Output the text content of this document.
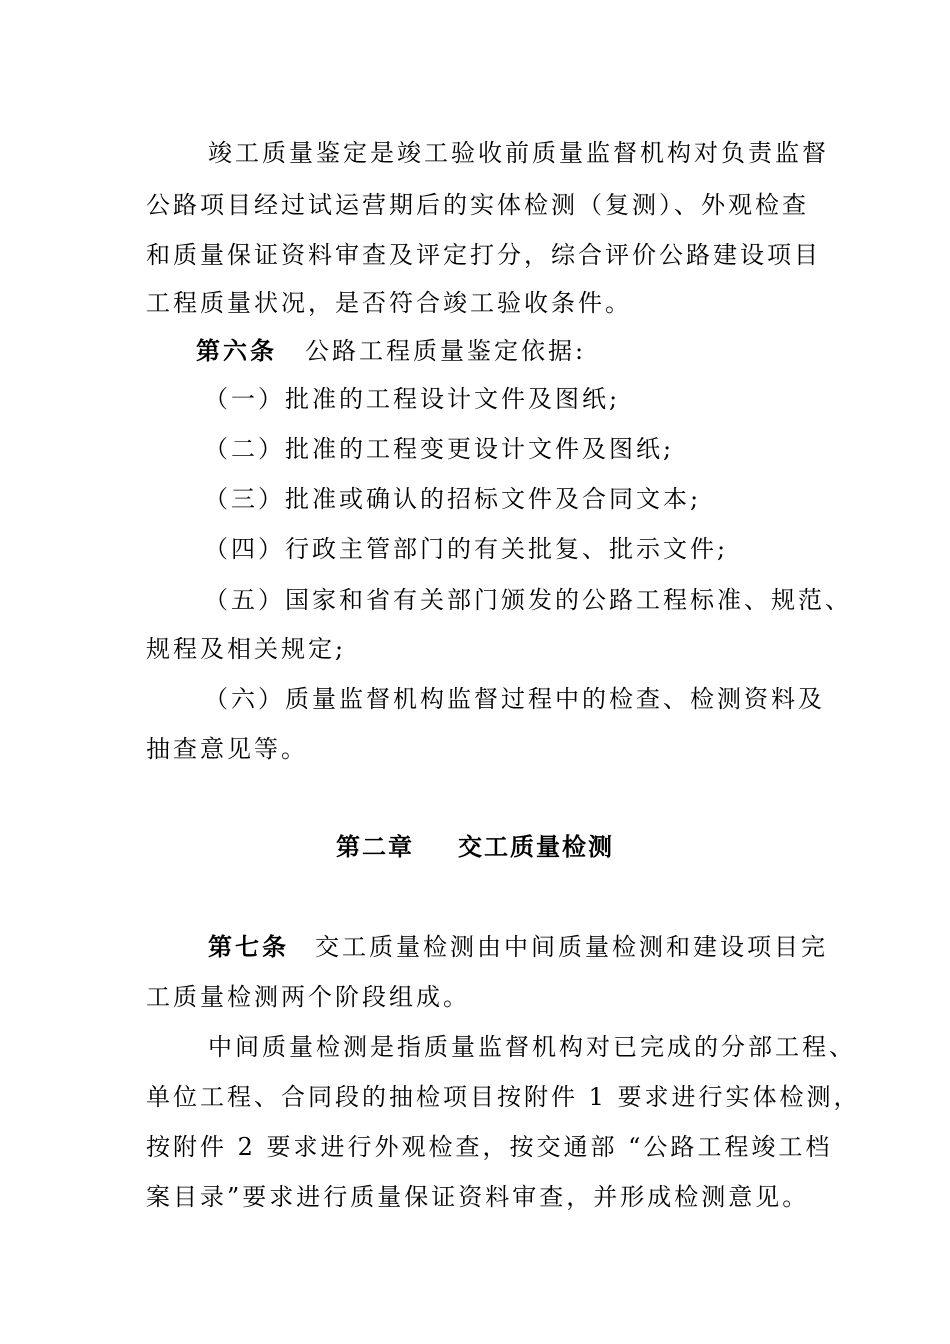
竣工质量鉴定是竣工验收前质量监督机构对负责监督
公路项目经过试运营期后的实体检测（复测）、外观检查
和质量保证资料审查及评定打分，综合评价公路建设项目
工程质量状况，是否符合竣工验收条件。
第六条 公路工程质量鉴定依据:
（一）批准的工程设计文件及图纸;
（二）批准的工程变更设计文件及图纸;
（三）批准或确认的招标文件及合同文本;
（四）行政主管部门的有关批复、批示文件;
（五）国家和省有关部门颁发的公路工程标准、规范、
规程及相关规定;
（六）质量监督机构监督过程中的检查、检测资料及
抽查意见等。
第二章 交工质量检测
第七条 交工质量检测由中间质量检测和建设项目完
工质量检测两个阶段组成。
中间质量检测是指质量监督机构对已完成的分部工程、
单位工程、合同段的抽检项目按附件 1 要求进行实体检测，
按附件 2 要求进行外观检查，按交通部 “公路工程竣工档
案目录”要求进行质量保证资料审查，并形成检测意见。
